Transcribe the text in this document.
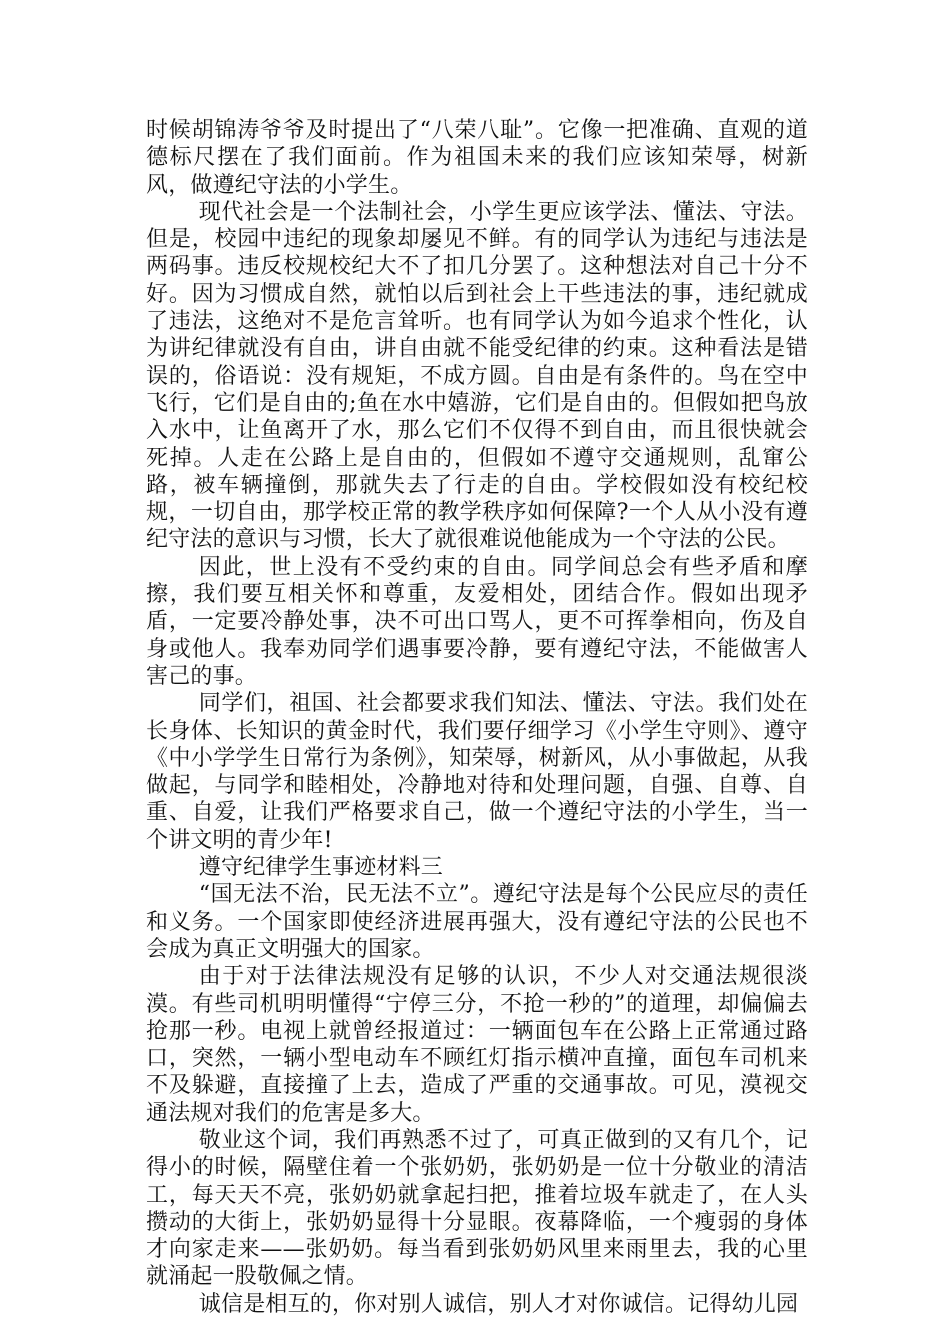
时候胡锦涛爷爷及时提出了“八荣八耻”。它像一把准确、直观的道德标尺摆在了我们面前。作为祖国未来的我们应该知荣辱，树新风，做遵纪守法的小学生。

现代社会是一个法制社会，小学生更应该学法、懂法、守法。但是，校园中违纪的现象却屡见不鲜。有的同学认为违纪与违法是两码事。违反校规校纪大不了扣几分罢了。这种想法对自己十分不好。因为习惯成自然，就怕以后到社会上干些违法的事，违纪就成了违法，这绝对不是危言耸听。也有同学认为如今追求个性化，认为讲纪律就没有自由，讲自由就不能受纪律的约束。这种看法是错误的，俗语说：没有规矩，不成方圆。自由是有条件的。鸟在空中飞行，它们是自由的;鱼在水中嬉游，它们是自由的。但假如把鸟放入水中，让鱼离开了水，那么它们不仅得不到自由，而且很快就会死掉。人走在公路上是自由的，但假如不遵守交通规则，乱窜公路，被车辆撞倒，那就失去了行走的自由。学校假如没有校纪校规，一切自由，那学校正常的教学秩序如何保障?一个人从小没有遵纪守法的意识与习惯，长大了就很难说他能成为一个守法的公民。

因此，世上没有不受约束的自由。同学间总会有些矛盾和摩擦，我们要互相关怀和尊重，友爱相处，团结合作。假如出现矛盾，一定要冷静处事，决不可出口骂人，更不可挥拳相向，伤及自身或他人。我奉劝同学们遇事要冷静，要有遵纪守法，不能做害人害己的事。

同学们，祖国、社会都要求我们知法、懂法、守法。我们处在长身体、长知识的黄金时代，我们要仔细学习《小学生守则》、遵守《中小学学生日常行为条例》，知荣辱，树新风，从小事做起，从我做起，与同学和睦相处，冷静地对待和处理问题，自强、自尊、自重、自爱，让我们严格要求自己，做一个遵纪守法的小学生，当一个讲文明的青少年!

遵守纪律学生事迹材料三

“国无法不治，民无法不立”。遵纪守法是每个公民应尽的责任和义务。一个国家即使经济进展再强大，没有遵纪守法的公民也不会成为真正文明强大的国家。

由于对于法律法规没有足够的认识，不少人对交通法规很淡漠。有些司机明明懂得“宁停三分，不抢一秒的”的道理，却偏偏去抢那一秒。电视上就曾经报道过：一辆面包车在公路上正常通过路口，突然，一辆小型电动车不顾红灯指示横冲直撞，面包车司机来不及躲避，直接撞了上去，造成了严重的交通事故。可见，漠视交通法规对我们的危害是多大。

敬业这个词，我们再熟悉不过了，可真正做到的又有几个，记得小的时候，隔壁住着一个张奶奶，张奶奶是一位十分敬业的清洁工，每天天不亮，张奶奶就拿起扫把，推着垃圾车就走了，在人头攒动的大街上，张奶奶显得十分显眼。夜幕降临，一个瘦弱的身体才向家走来——张奶奶。每当看到张奶奶风里来雨里去，我的心里就涌起一股敬佩之情。

诚信是相互的，你对别人诚信，别人才对你诚信。记得幼儿园
